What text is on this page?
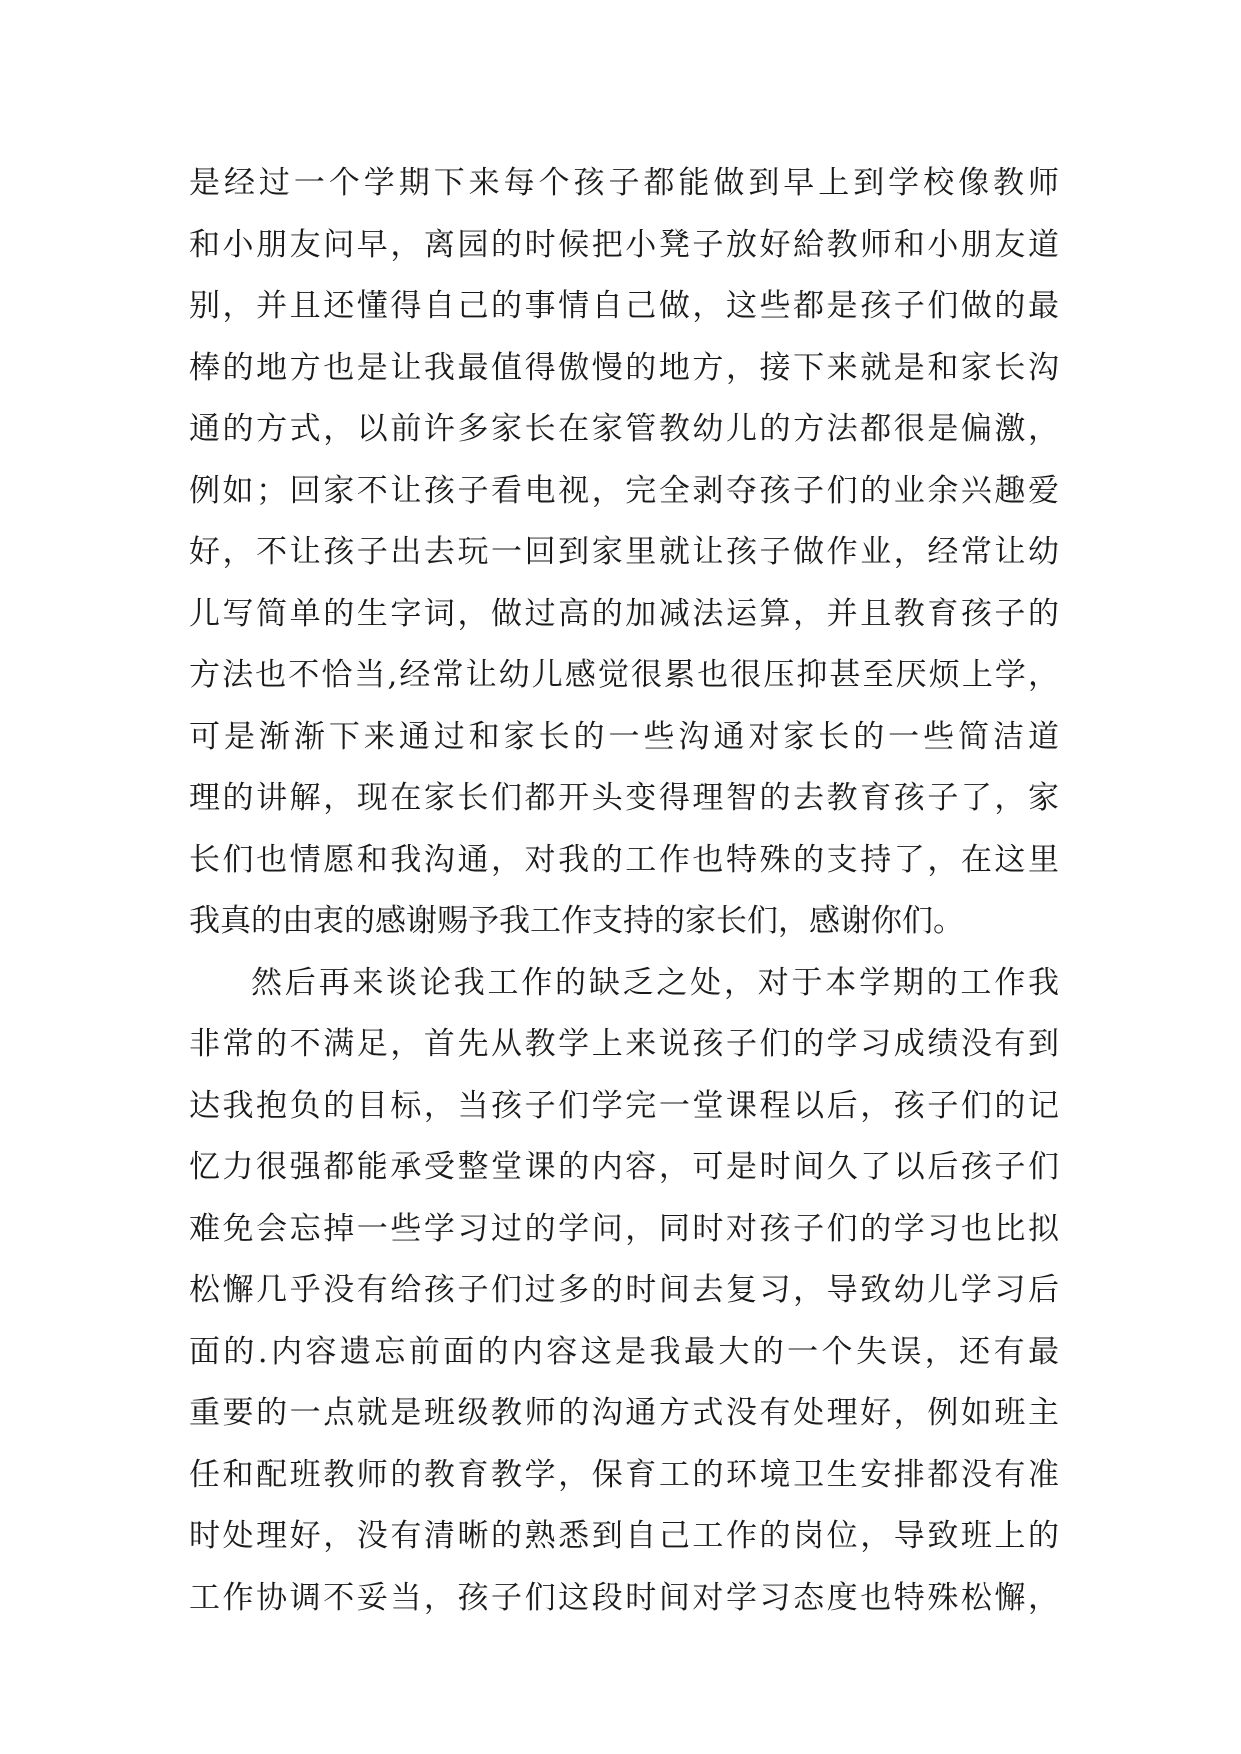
是经过一个学期下来每个孩子都能做到早上到学校像教师
和小朋友问早，离园的时候把小凳子放好給教师和小朋友道
别，并且还懂得自己的事情自己做，这些都是孩子们做的最
棒的地方也是让我最值得傲慢的地方，接下来就是和家长沟
通的方式，以前许多家长在家管教幼儿的方法都很是偏激，
例如；回家不让孩子看电视，完全剥夺孩子们的业余兴趣爱
好，不让孩子出去玩一回到家里就让孩子做作业，经常让幼
儿写简单的生字词，做过高的加减法运算，并且教育孩子的
方法也不恰当,经常让幼儿感觉很累也很压抑甚至厌烦上学，
可是渐渐下来通过和家长的一些沟通对家长的一些简洁道
理的讲解，现在家长们都开头变得理智的去教育孩子了，家
长们也情愿和我沟通，对我的工作也特殊的支持了，在这里
我真的由衷的感谢赐予我工作支持的家长们，感谢你们。
然后再来谈论我工作的缺乏之处，对于本学期的工作我
非常的不满足，首先从教学上来说孩子们的学习成绩没有到
达我抱负的目标，当孩子们学完一堂课程以后，孩子们的记
忆力很强都能承受整堂课的内容，可是时间久了以后孩子们
难免会忘掉一些学习过的学问，同时对孩子们的学习也比拟
松懈几乎没有给孩子们过多的时间去复习，导致幼儿学习后
面的.内容遗忘前面的内容这是我最大的一个失误，还有最
重要的一点就是班级教师的沟通方式没有处理好，例如班主
任和配班教师的教育教学，保育工的环境卫生安排都没有准
时处理好，没有清晰的熟悉到自己工作的岗位，导致班上的
工作协调不妥当，孩子们这段时间对学习态度也特殊松懈，
